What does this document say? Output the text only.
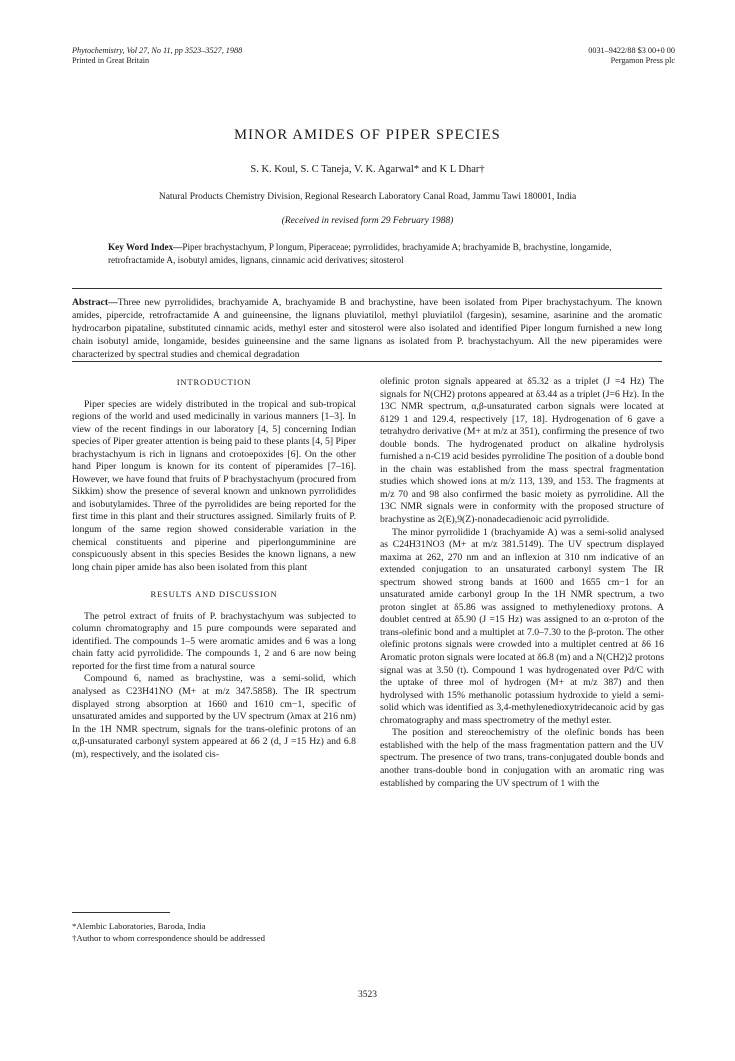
Phytochemistry, Vol 27, No 11, pp 3523–3527, 1988
Printed in Great Britain
0031–9422/88 $3 00+0 00
Pergamon Press plc
MINOR AMIDES OF PIPER SPECIES
S. K. Koul, S. C Taneja, V. K. Agarwal* and K L Dhar†
Natural Products Chemistry Division, Regional Research Laboratory Canal Road, Jammu Tawi 180001, India
(Received in revised form 29 February 1988)
Key Word Index—Piper brachystachyum, P longum, Piperaceae; pyrrolidides, brachyamide A; brachyamide B, brachystine, longamide, retrofractamide A, isobutyl amides, lignans, cinnamic acid derivatives; sitosterol
Abstract—Three new pyrrolidides, brachyamide A, brachyamide B and brachystine, have been isolated from Piper brachystachyum. The known amides, pipercide, retrofractamide A and guineensine, the lignans pluviatilol, methyl pluviatilol (fargesin), sesamine, asarinine and the aromatic hydrocarbon pipataline, substituted cinnamic acids, methyl ester and sitosterol were also isolated and identified Piper longum furnished a new long chain isobutyl amide, longamide, besides guineensine and the same lignans as isolated from P. brachystachyum. All the new piperamides were characterized by spectral studies and chemical degradation
INTRODUCTION

Piper species are widely distributed in the tropical and sub-tropical regions of the world and used medicinally in various manners [1–3]. In view of the recent findings in our laboratory [4, 5] concerning Indian species of Piper greater attention is being paid to these plants [4, 5] Piper brachystachyum is rich in lignans and crotoepoxides [6]. On the other hand Piper longum is known for its content of piperamides [7–16]. However, we have found that fruits of P brachystachyum (procured from Sikkim) show the presence of several known and unknown pyrrolidides and isobutylamides. Three of the pyrrolidides are being reported for the first time in this plant and their structures assigned. Similarly fruits of P. longum of the same region showed considerable variation in the chemical constituents and piperine and piperlongumminine are conspicuously absent in this species Besides the known lignans, a new long chain piper amide has also been isolated from this plant

RESULTS AND DISCUSSION

The petrol extract of fruits of P. brachystachyum was subjected to column chromatography and 15 pure compounds were separated and identified. The compounds 1–5 were aromatic amides and 6 was a long chain fatty acid pyrrolidide. The compounds 1, 2 and 6 are now being reported for the first time from a natural source

Compound 6, named as brachystine, was a semi-solid, which analysed as C23H41NO (M+ at m/z 347.5858). The IR spectrum displayed strong absorption at 1660 and 1610 cm−1, specific of unsaturated amides and supported by the UV spectrum (λmax at 216 nm) In the 1H NMR spectrum, signals for the trans-olefinic protons of an α,β-unsaturated carbonyl system appeared at δ6 2 (d, J =15 Hz) and 6.8 (m), respectively, and the isolated cis-

olefinic proton signals appeared at δ5.32 as a triplet (J =4 Hz) The signals for N(CH2) protons appeared at δ3.44 as a triplet (J=6 Hz). In the 13C NMR spectrum, α,β-unsaturated carbon signals were located at δ129 1 and 129.4, respectively [17, 18]. Hydrogenation of 6 gave a tetrahydro derivative (M+ at m/z at 351), confirming the presence of two double bonds. The hydrogenated product on alkaline hydrolysis furnished a n-C19 acid besides pyrrolidine The position of a double bond in the chain was established from the mass spectral fragmentation studies which showed ions at m/z 113, 139, and 153. The fragments at m/z 70 and 98 also confirmed the basic moiety as pyrrolidine. All the 13C NMR signals were in conformity with the proposed structure of brachystine as 2(E),9(Z)-nonadecadienoic acid pyrrolidide.

The minor pyrrolidide 1 (brachyamide A) was a semi-solid analysed as C24H31NO3 (M+ at m/z 381.5149). The UV spectrum displayed maxima at 262, 270 nm and an inflexion at 310 nm indicative of an extended conjugation to an unsaturated carbonyl system The IR spectrum showed strong bands at 1600 and 1655 cm−1 for an unsaturated amide carbonyl group In the 1H NMR spectrum, a two proton singlet at δ5.86 was assigned to methylenedioxy protons. A doublet centred at δ5.90 (J =15 Hz) was assigned to an α-proton of the trans-olefinic bond and a multiplet at 7.0–7.30 to the β-proton. The other olefinic protons signals were crowded into a multiplet centred at δ6 16 Aromatic proton signals were located at δ6.8 (m) and a N(CH2)2 protons signal was at 3.50 (t). Compound 1 was hydrogenated over Pd/C with the uptake of three mol of hydrogen (M+ at m/z 387) and then hydrolysed with 15% methanolic potassium hydroxide to yield a semi-solid which was identified as 3,4-methylenedioxytridecanoic acid by gas chromatography and mass spectrometry of the methyl ester.

The position and stereochemistry of the olefinic bonds has been established with the help of the mass fragmentation pattern and the UV spectrum. The presence of two trans, trans-conjugated double bonds and another trans-double bond in conjugation with an aromatic ring was established by comparing the UV spectrum of 1 with the

*Alembic Laboratories, Baroda, India
†Author to whom correspondence should be addressed
3523
